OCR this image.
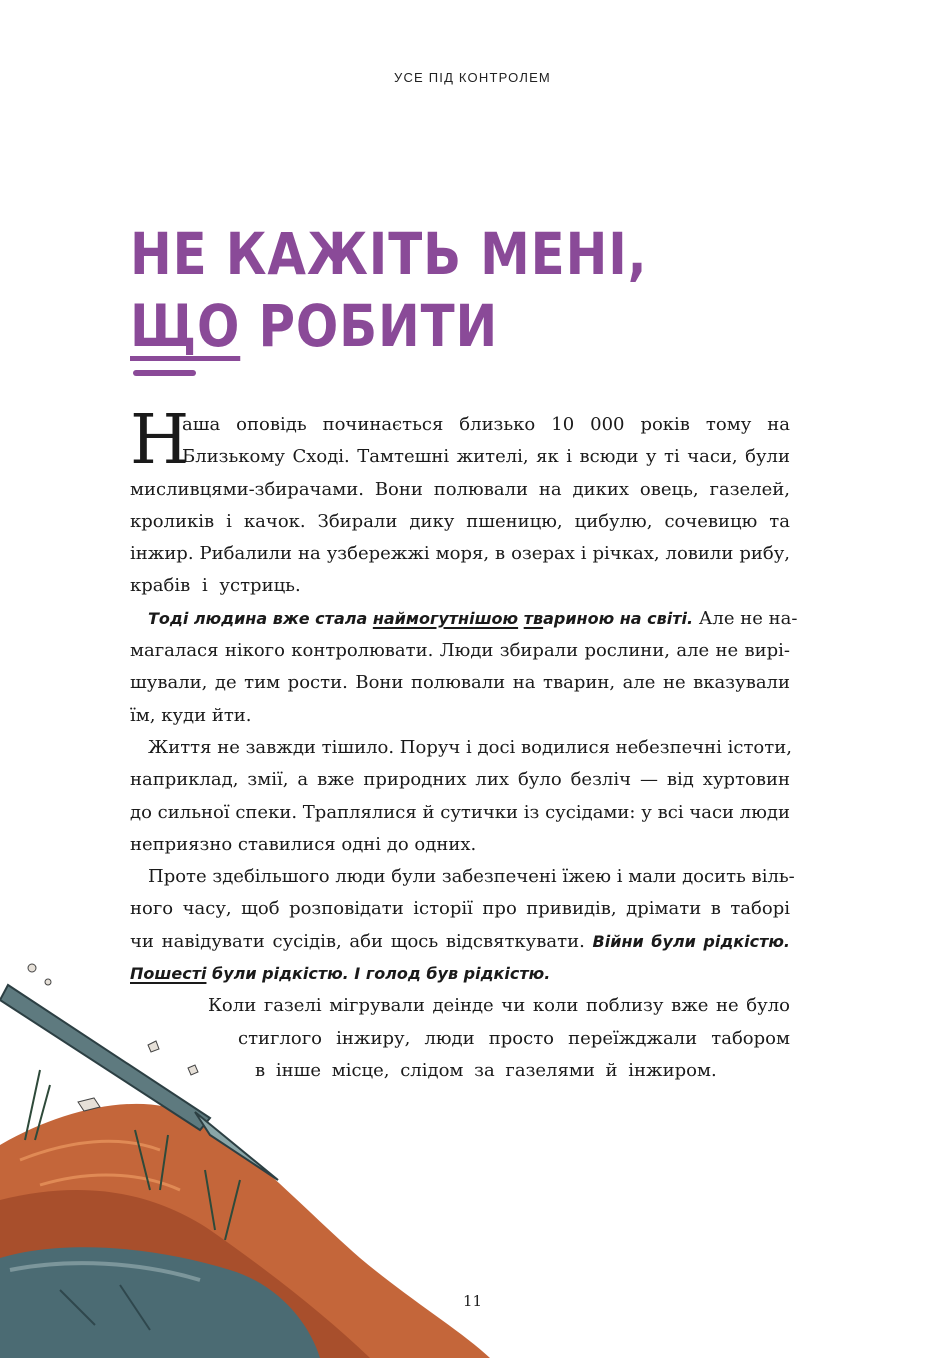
УСЕ ПІД КОНТРОЛЕМ
НЕ КАЖІТЬ МЕНІ,
ЩО РОБИТИ
Н
аша оповідь починається близько 10 000 років тому на
Близькому Сході. Тамтешні жителі, як і всюди у ті часи, були
мисливцями-збирачами. Вони полювали на диких овець, газелей,
кроликів і качок. Збирали дику пшеницю, цибулю, сочевицю та
інжир. Рибалили на узбережжі моря, в озерах і річках, ловили рибу,
крабів і устриць.
Тоді людина вже стала наймогутнішою твариною на світі. Але не на-
магалася нікого контролювати. Люди збирали рослини, але не вирі-
шували, де тим рости. Вони полювали на тварин, але не вказували
їм, куди йти.
Життя не завжди тішило. Поруч і досі водилися небезпечні істоти,
наприклад, змії, а вже природних лих було безліч — від хуртовин
до сильної спеки. Траплялися й сутички із сусідами: у всі часи люди
неприязно ставилися одні до одних.
Проте здебільшого люди були забезпечені їжею і мали досить віль-
ного часу, щоб розповідати історії про привидів, дрімати в таборі
чи навідувати сусідів, аби щось відсвяткувати. Війни були рідкістю.
Пошесті були рідкістю. І голод був рідкістю.
Коли газелі мігрували деінде чи коли поблизу вже не було
стиглого інжиру, люди просто переїжджали табором
в інше місце, слідом за газелями й інжиром.
11
